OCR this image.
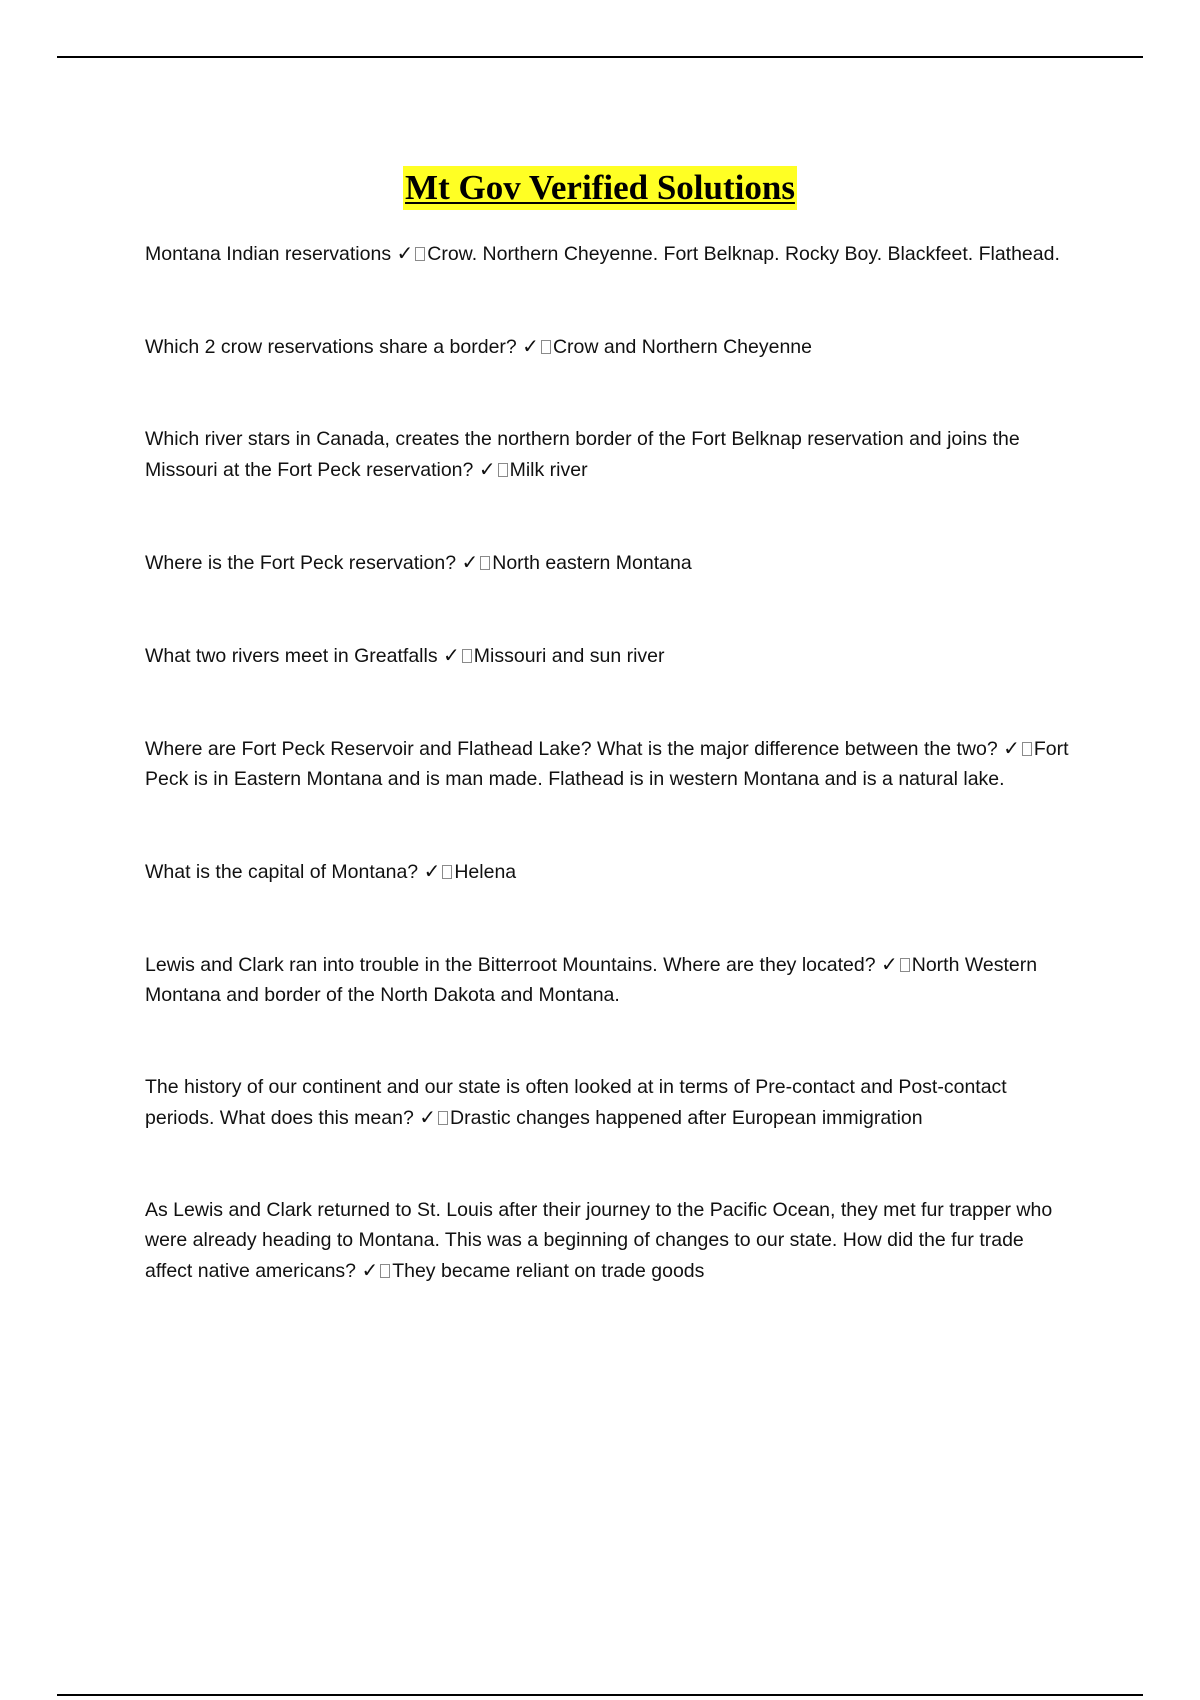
Mt Gov Verified Solutions

Montana Indian reservations ✓ Crow. Northern Cheyenne. Fort Belknap. Rocky Boy. Blackfeet. Flathead.

Which 2 crow reservations share a border? ✓ Crow and Northern Cheyenne

Which river stars in Canada, creates the northern border of the Fort Belknap reservation and joins the Missouri at the Fort Peck reservation? ✓ Milk river

Where is the Fort Peck reservation? ✓ North eastern Montana

What two rivers meet in Greatfalls ✓ Missouri and sun river

Where are Fort Peck Reservoir and Flathead Lake? What is the major difference between the two? ✓ Fort Peck is in Eastern Montana and is man made. Flathead is in western Montana and is a natural lake.

What is the capital of Montana? ✓ Helena

Lewis and Clark ran into trouble in the Bitterroot Mountains. Where are they located? ✓ North Western Montana and border of the North Dakota and Montana.

The history of our continent and our state is often looked at in terms of Pre-contact and Post-contact periods. What does this mean? ✓ Drastic changes happened after European immigration

As Lewis and Clark returned to St. Louis after their journey to the Pacific Ocean, they met fur trapper who were already heading to Montana. This was a beginning of changes to our state. How did the fur trade affect native americans? ✓ They became reliant on trade goods
